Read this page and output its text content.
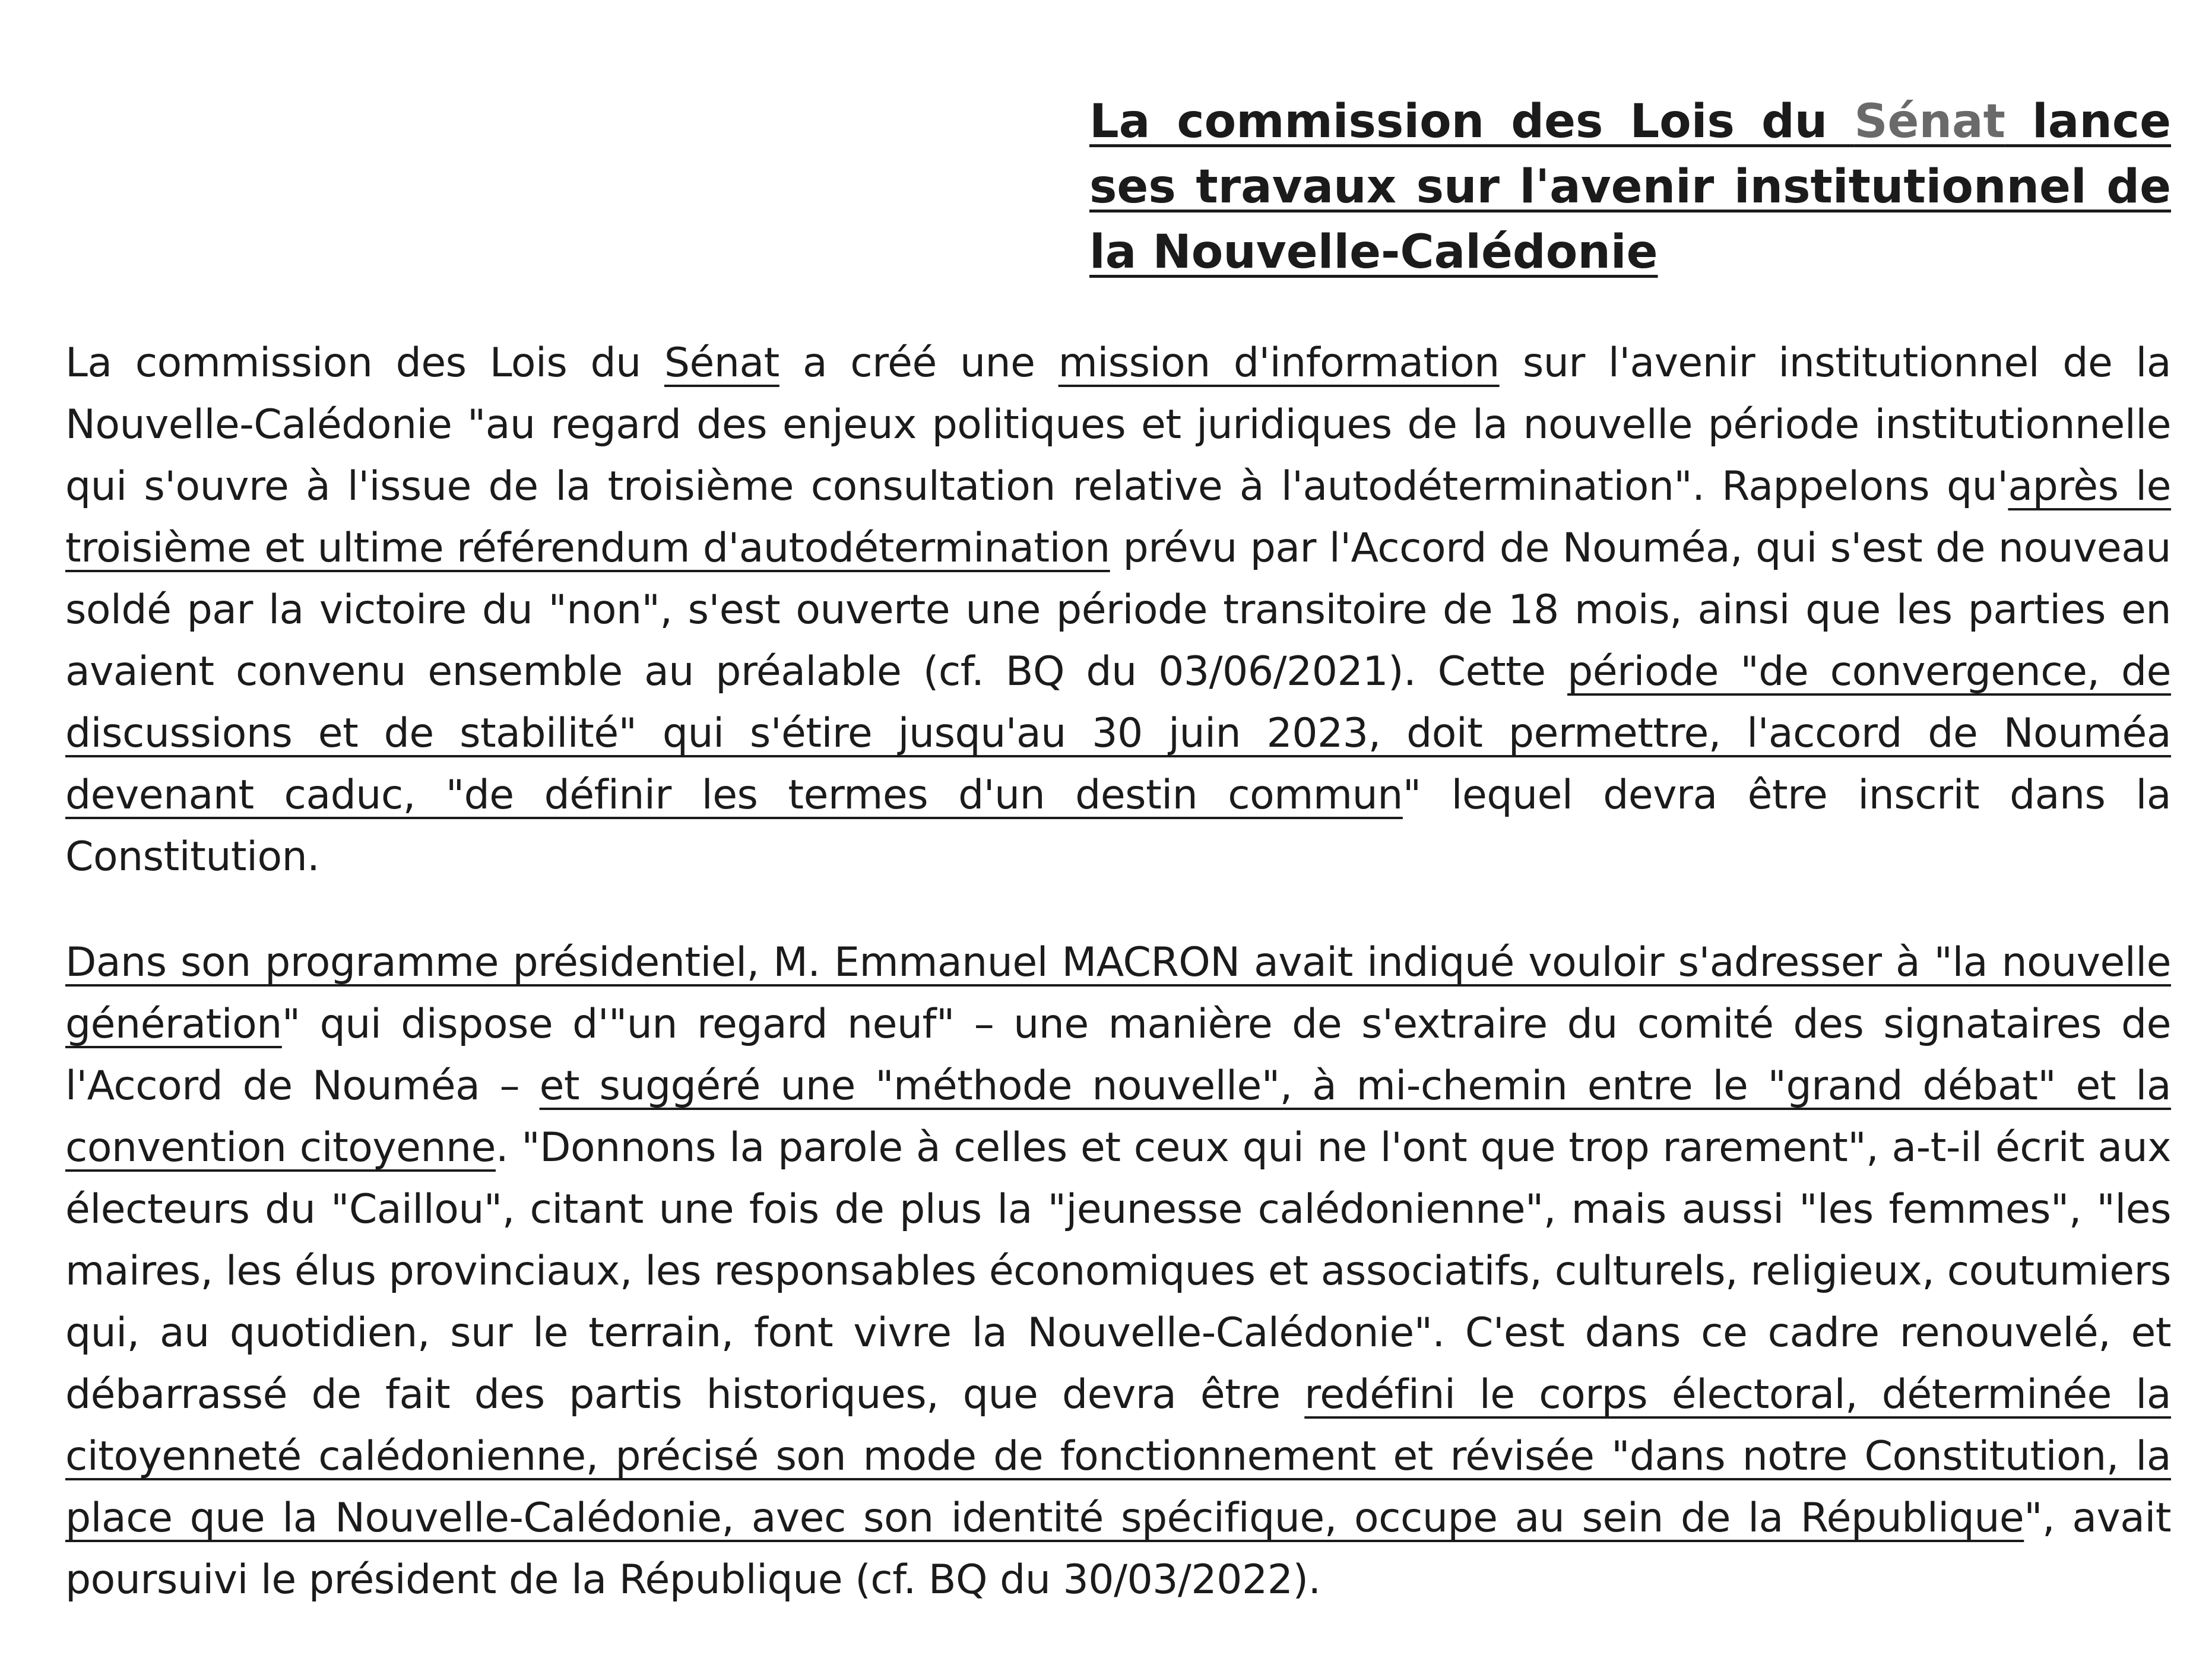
La commission des Lois du Sénat lance ses travaux sur l'avenir institutionnel de la Nouvelle-Calédonie

La commission des Lois du Sénat a créé une mission d'information sur l'avenir institutionnel de la Nouvelle-Calédonie "au regard des enjeux politiques et juridiques de la nouvelle période institutionnelle qui s'ouvre à l'issue de la troisième consultation relative à l'autodétermination". Rappelons qu'après le troisième et ultime référendum d'autodétermination prévu par l'Accord de Nouméa, qui s'est de nouveau soldé par la victoire du "non", s'est ouverte une période transitoire de 18 mois, ainsi que les parties en avaient convenu ensemble au préalable (cf. BQ du 03/06/2021). Cette période "de convergence, de discussions et de stabilité" qui s'étire jusqu'au 30 juin 2023, doit permettre, l'accord de Nouméa devenant caduc, "de définir les termes d'un destin commun" lequel devra être inscrit dans la Constitution.

Dans son programme présidentiel, M. Emmanuel MACRON avait indiqué vouloir s'adresser à "la nouvelle génération" qui dispose d'"un regard neuf" – une manière de s'extraire du comité des signataires de l'Accord de Nouméa – et suggéré une "méthode nouvelle", à mi-chemin entre le "grand débat" et la convention citoyenne. "Donnons la parole à celles et ceux qui ne l'ont que trop rarement", a-t-il écrit aux électeurs du "Caillou", citant une fois de plus la "jeunesse calédonienne", mais aussi "les femmes", "les maires, les élus provinciaux, les responsables économiques et associatifs, culturels, religieux, coutumiers qui, au quotidien, sur le terrain, font vivre la Nouvelle-Calédonie". C'est dans ce cadre renouvelé, et débarrassé de fait des partis historiques, que devra être redéfini le corps électoral, déterminée la citoyenneté calédonienne, précisé son mode de fonctionnement et révisée "dans notre Constitution, la place que la Nouvelle-Calédonie, avec son identité spécifique, occupe au sein de la République", avait poursuivi le président de la République (cf. BQ du 30/03/2022).
